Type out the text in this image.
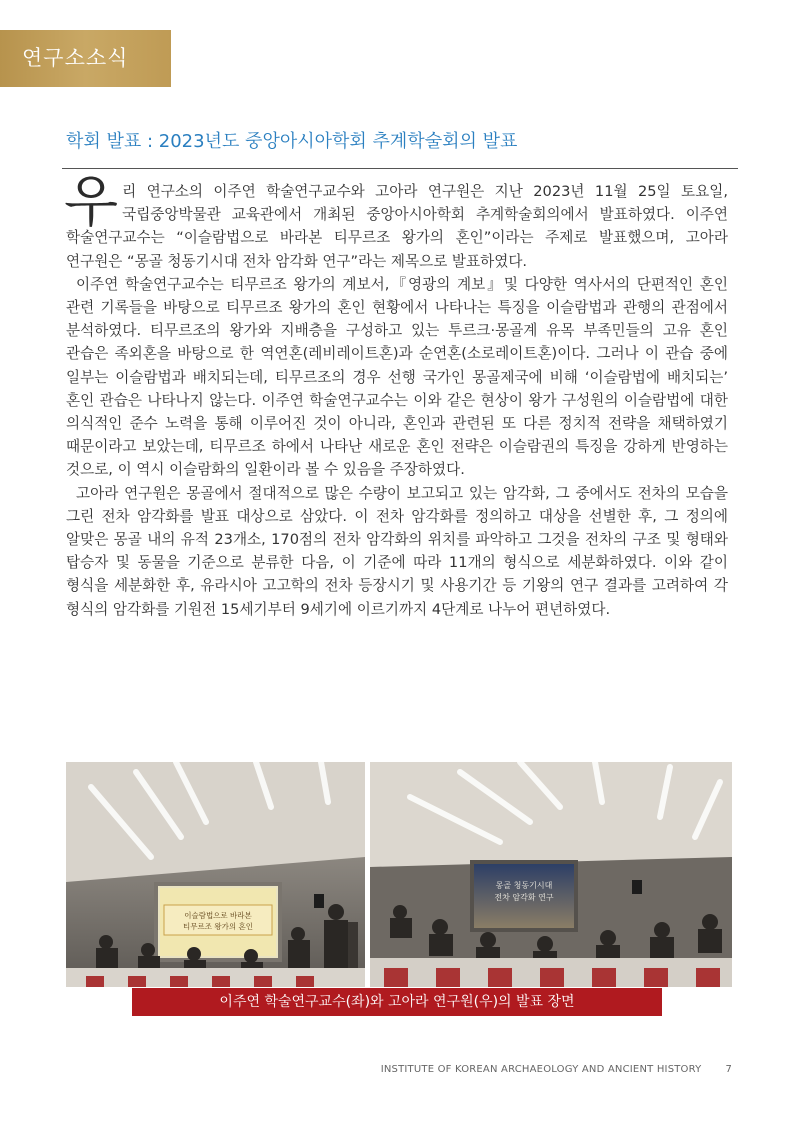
연구소소식
학회 발표 : 2023년도 중앙아시아학회 추계학술회의 발표

우리 연구소의 이주연 학술연구교수와 고아라 연구원은 지난 2023년 11월 25일 토요일, 국립중앙박물관 교육관에서 개최된 중앙아시아학회 추계학술회의에서 발표하였다. 이주연 학술연구교수는 “이슬람법으로 바라본 티무르조 왕가의 혼인”이라는 주제로 발표했으며, 고아라 연구원은 “몽골 청동기시대 전차 암각화 연구”라는 제목으로 발표하였다.

이주연 학술연구교수는 티무르조 왕가의 계보서,『영광의 계보』및 다양한 역사서의 단편적인 혼인 관련 기록들을 바탕으로 티무르조 왕가의 혼인 현황에서 나타나는 특징을 이슬람법과 관행의 관점에서 분석하였다. 티무르조의 왕가와 지배층을 구성하고 있는 투르크·몽골계 유목 부족민들의 고유 혼인 관습은 족외혼을 바탕으로 한 역연혼(레비레이트혼)과 순연혼(소로레이트혼)이다. 그러나 이 관습 중에 일부는 이슬람법과 배치되는데, 티무르조의 경우 선행 국가인 몽골제국에 비해 ‘이슬람법에 배치되는’ 혼인 관습은 나타나지 않는다. 이주연 학술연구교수는 이와 같은 현상이 왕가 구성원의 이슬람법에 대한 의식적인 준수 노력을 통해 이루어진 것이 아니라, 혼인과 관련된 또 다른 정치적 전략을 채택하였기 때문이라고 보았는데, 티무르조 하에서 나타난 새로운 혼인 전략은 이슬람권의 특징을 강하게 반영하는 것으로, 이 역시 이슬람화의 일환이라 볼 수 있음을 주장하였다.

고아라 연구원은 몽골에서 절대적으로 많은 수량이 보고되고 있는 암각화, 그 중에서도 전차의 모습을 그린 전차 암각화를 발표 대상으로 삼았다. 이 전차 암각화를 정의하고 대상을 선별한 후, 그 정의에 알맞은 몽골 내의 유적 23개소, 170점의 전차 암각화의 위치를 파악하고 그것을 전차의 구조 및 형태와 탑승자 및 동물을 기준으로 분류한 다음, 이 기준에 따라 11개의 형식으로 세분화하였다. 이와 같이 형식을 세분화한 후, 유라시아 고고학의 전차 등장시기 및 사용기간 등 기왕의 연구 결과를 고려하여 각 형식의 암각화를 기원전 15세기부터 9세기에 이르기까지 4단계로 나누어 편년하였다.

이슬람법으로 바라본
티무르조 왕가의 혼인
몽골 청동기시대
전차 암각화 연구
이주연 학술연구교수(좌)와 고아라 연구원(우)의 발표 장면
INSTITUTE OF KOREAN ARCHAEOLOGY AND ANCIENT HISTORY 7
